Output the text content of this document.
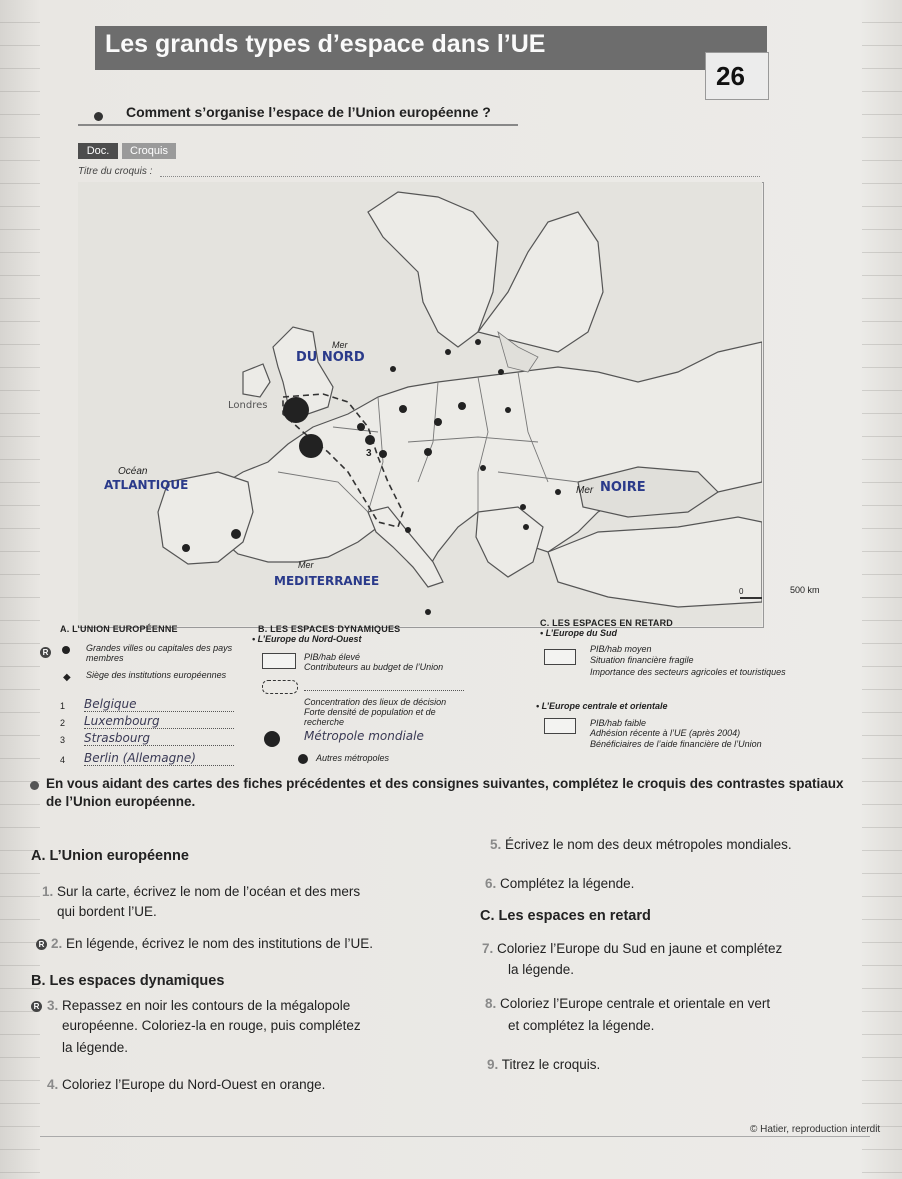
Les grands types d’espace dans l’UE
26
Comment s’organise l’espace de l’Union européenne ?
Doc.	Croquis
Titre du croquis :
Mer
DU NORD
Océan
ATLANTIQUE
Londres
3
Mer NOIRE
Mer
MEDITERRANEE
0	500 km
A. L’UNION EUROPÉENNE
R	Grandes villes ou capitales des pays membres
◆ Siège des institutions européennes
1 Belgique
2 Luxembourg
3 Strasbourg
4 Berlin (Allemagne)
B. LES ESPACES DYNAMIQUES
• L’Europe du Nord-Ouest
PIB/hab élevé
Contributeurs au budget de l’Union
Concentration des lieux de décision
Forte densité de population et de recherche
Métropole mondiale
Autres métropoles
C. LES ESPACES EN RETARD
• L’Europe du Sud
PIB/hab moyen
Situation financière fragile
Importance des secteurs agricoles et touristiques
• L’Europe centrale et orientale
PIB/hab faible
Adhésion récente à l’UE (après 2004)
Bénéficiaires de l’aide financière de l’Union
En vous aidant des cartes des fiches précédentes et des consignes suivantes, complétez le croquis des contrastes spatiaux
de l’Union européenne.
A. L’Union européenne
1. Sur la carte, écrivez le nom de l’océan et des mers
qui bordent l’UE.
R 2. En légende, écrivez le nom des institutions de l’UE.
B. Les espaces dynamiques
R 3. Repassez en noir les contours de la mégalopole
européenne. Coloriez-la en rouge, puis complétez
la légende.
4. Coloriez l’Europe du Nord-Ouest en orange.
5. Écrivez le nom des deux métropoles mondiales.
6. Complétez la légende.
C. Les espaces en retard
7. Coloriez l’Europe du Sud en jaune et complétez
la légende.
8. Coloriez l’Europe centrale et orientale en vert
et complétez la légende.
9. Titrez le croquis.
© Hatier, reproduction interdit
